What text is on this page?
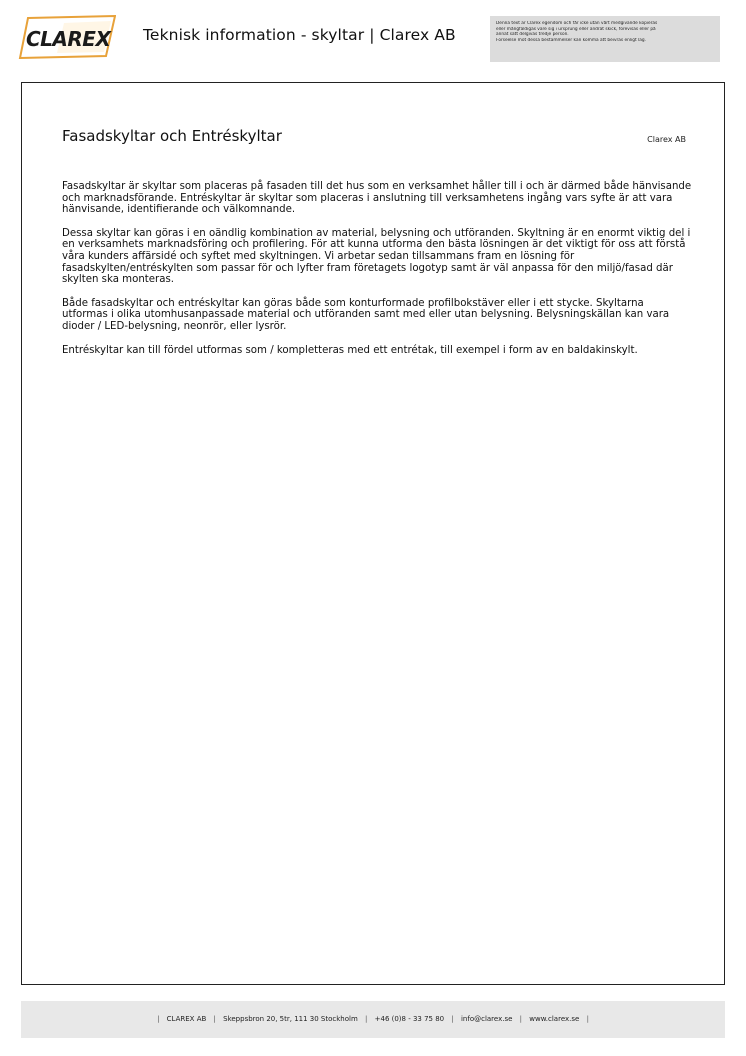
CLAREX Teknisk information - skyltar | Clarex AB
Denna text är Clarex egendom och får icke utan vårt medgivande kopieras
eller mångfaldigas vare sig i ursprung eller ändrat skick, förevisas eller på
annat sätt delgivas tredje person.
Förseelse mot dessa bestämmelser kan komma att beivras enligt lag.
Fasadskyltar och Entréskyltar	Clarex AB

Fasadskyltar är skyltar som placeras på fasaden till det hus som en verksamhet håller till i och är därmed både hänvisande och marknadsförande. Entréskyltar är skyltar som placeras i anslutning till verksamhetens ingång vars syfte är att vara hänvisande, identifierande och välkomnande.

Dessa skyltar kan göras i en oändlig kombination av material, belysning och utföranden. Skyltning är en enormt viktig del i en verksamhets marknadsföring och profilering. För att kunna utforma den bästa lösningen är det viktigt för oss att förstå våra kunders affärsidé och syftet med skyltningen. Vi arbetar sedan tillsammans fram en lösning för fasadskylten/entréskylten som passar för och lyfter fram företagets logotyp samt är väl anpassa för den miljö/fasad där skylten ska monteras.

Både fasadskyltar och entréskyltar kan göras både som konturformade profilbokstäver eller i ett stycke. Skyltarna utformas i olika utomhusanpassade material och utföranden samt med eller utan belysning. Belysningskällan kan vara dioder / LED-belysning, neonrör, eller lysrör.

Entréskyltar kan till fördel utformas som / kompletteras med ett entrétak, till exempel i form av en baldakinskylt.

| CLAREX AB | Skeppsbron 20, 5tr, 111 30 Stockholm | +46 (0)8 - 33 75 80 | info@clarex.se | www.clarex.se |
